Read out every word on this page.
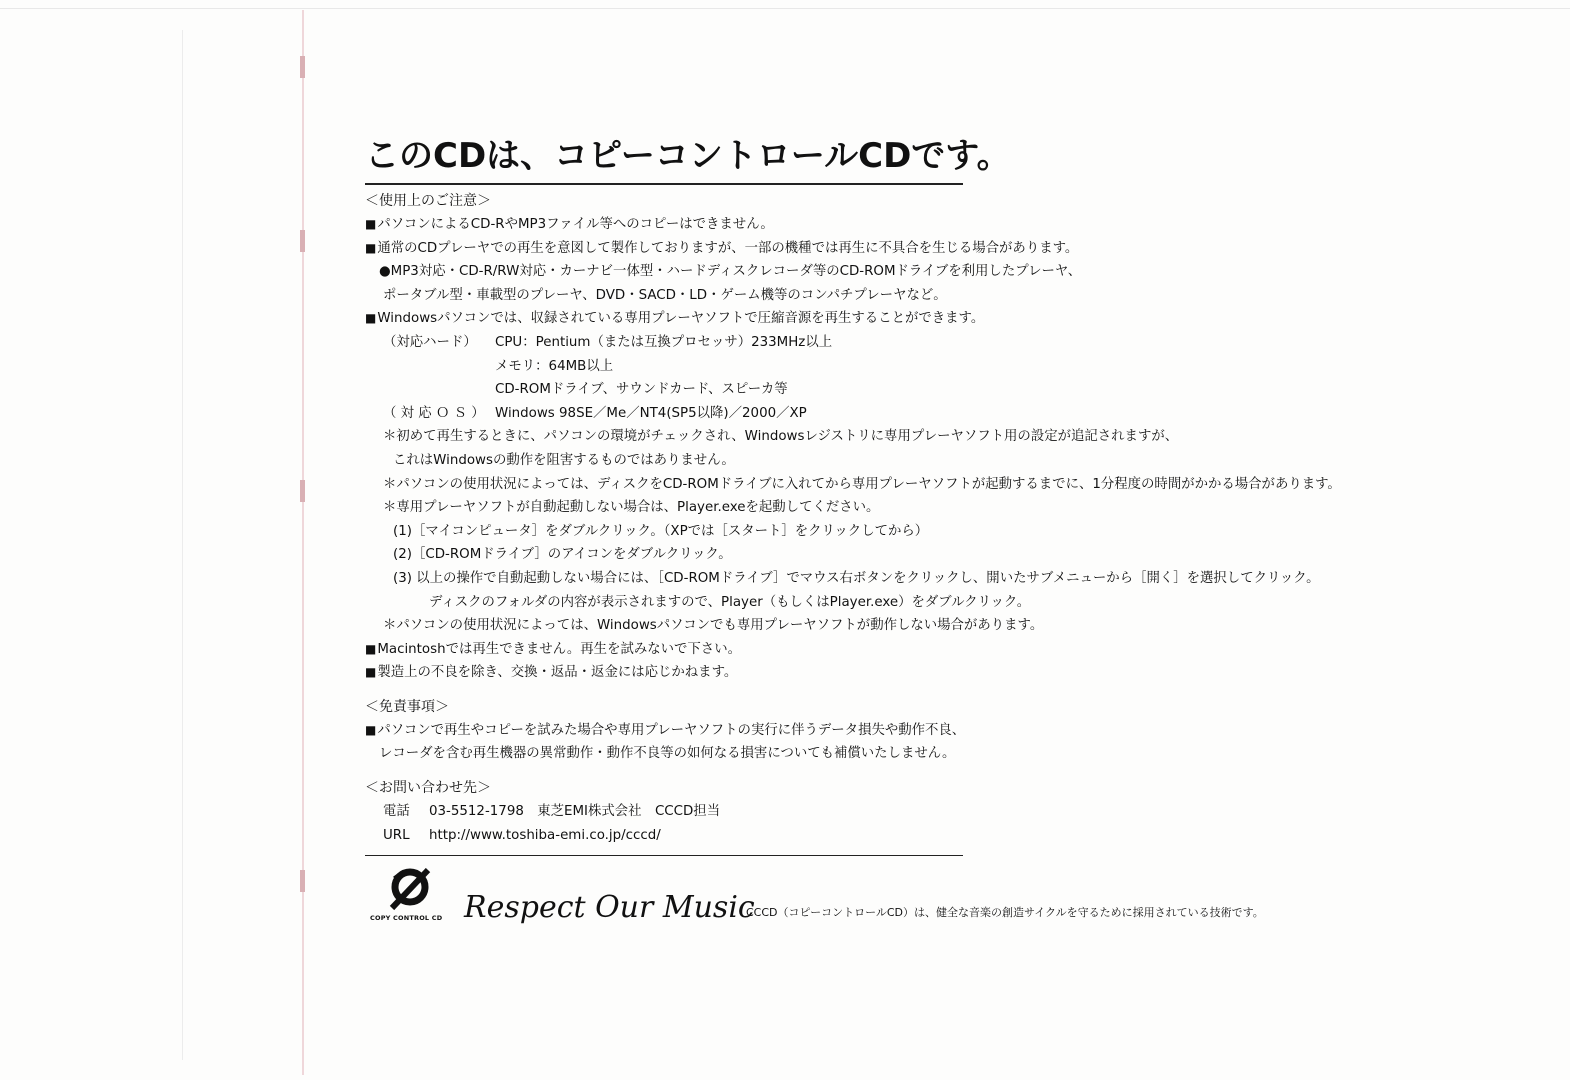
このCDは、コピーコントロールCDです。
＜使用上のご注意＞
■ パソコンによるCD-RやMP3ファイル等へのコピーはできません。
■ 通常のCDプレーヤでの再生を意図して製作しておりますが、一部の機種では再生に不具合を生じる場合があります。
●MP3対応・CD-R/RW対応・カーナビ一体型・ハードディスクレコーダ等のCD-ROMドライブを利用したプレーヤ、
ポータブル型・車載型のプレーヤ、DVD・SACD・LD・ゲーム機等のコンパチプレーヤなど。
■ Windowsパソコンでは、収録されている専用プレーヤソフトで圧縮音源を再生することができます。
（対応ハード）	CPU：Pentium（または互換プロセッサ）233MHz以上
メモリ：64MB以上
CD-ROMドライブ、サウンドカード、スピーカ等
（ 対 応 Ｏ Ｓ ） Windows 98SE／Me／NT4(SP5以降)／2000／XP
＊初めて再生するときに、パソコンの環境がチェックされ、Windowsレジストリに専用プレーヤソフト用の設定が追記されますが、
これはWindowsの動作を阻害するものではありません。
＊パソコンの使用状況によっては、ディスクをCD-ROMドライブに入れてから専用プレーヤソフトが起動するまでに、1分程度の時間がかかる場合があります。
＊専用プレーヤソフトが自動起動しない場合は、Player.exeを起動してください。
(1)［マイコンピュータ］をダブルクリック。（XPでは［スタート］をクリックしてから）
(2)［CD-ROMドライブ］のアイコンをダブルクリック。
(3) 以上の操作で自動起動しない場合には、［CD-ROMドライブ］でマウス右ボタンをクリックし、開いたサブメニューから［開く］を選択してクリック。
ディスクのフォルダの内容が表示されますので、Player（もしくはPlayer.exe）をダブルクリック。
＊パソコンの使用状況によっては、Windowsパソコンでも専用プレーヤソフトが動作しない場合があります。
■ Macintoshでは再生できません。再生を試みないで下さい。
■ 製造上の不良を除き、交換・返品・返金には応じかねます。
＜免責事項＞
■ パソコンで再生やコピーを試みた場合や専用プレーヤソフトの実行に伴うデータ損失や動作不良、
レコーダを含む再生機器の異常動作・動作不良等の如何なる損害についても補償いたしません。
＜お問い合わせ先＞
電話	03-5512-1798　東芝EMI株式会社　CCCD担当
URL	http://www.toshiba-emi.co.jp/cccd/
COPY CONTROL CD Respect Our Music
CCCD（コピーコントロールCD）は、健全な音楽の創造サイクルを守るために採用されている技術です。
